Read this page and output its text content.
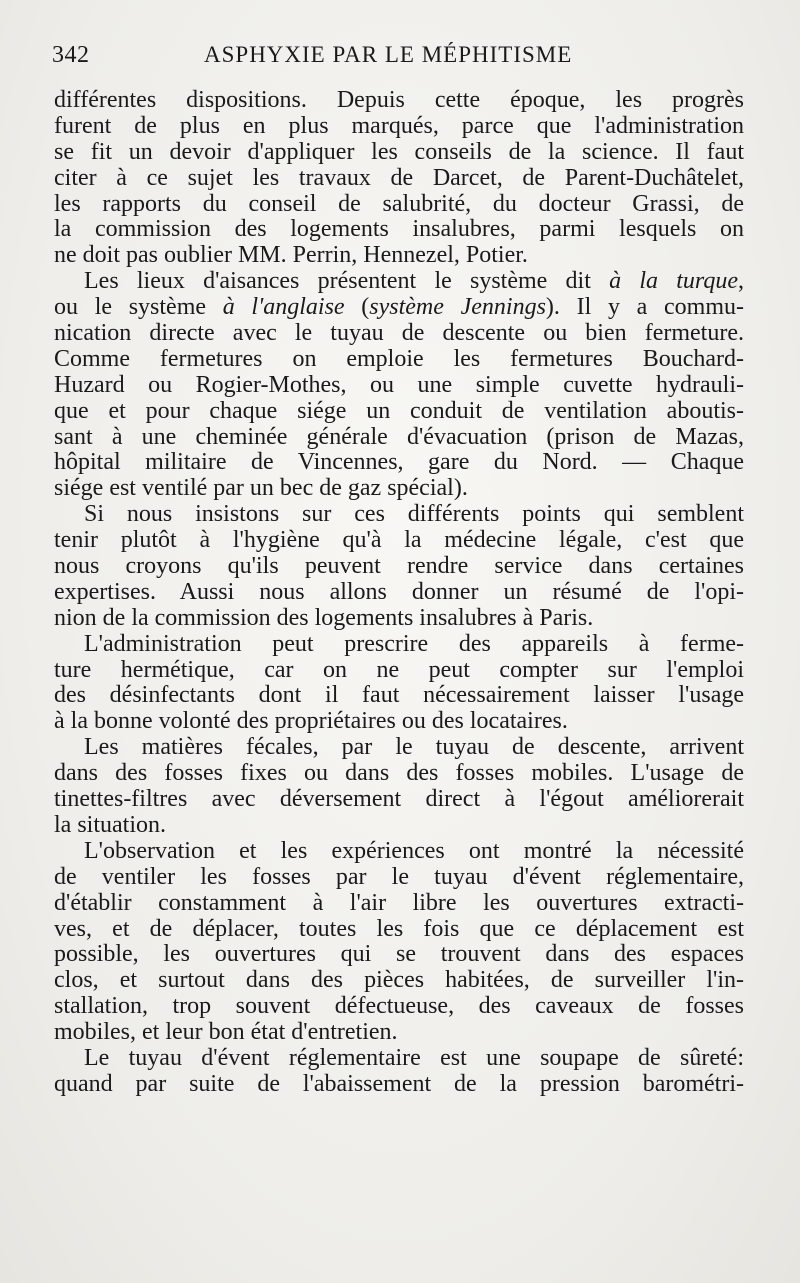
342	ASPHYXIE PAR LE MÉPHITISME
différentes dispositions. Depuis cette époque, les progrès
furent de plus en plus marqués, parce que l'administration
se fit un devoir d'appliquer les conseils de la science. Il faut
citer à ce sujet les travaux de Darcet, de Parent-Duchâtelet,
les rapports du conseil de salubrité, du docteur Grassi, de
la commission des logements insalubres, parmi lesquels on
ne doit pas oublier MM. Perrin, Hennezel, Potier.
Les lieux d'aisances présentent le système dit à la turque,
ou le système à l'anglaise (système Jennings). Il y a commu-
nication directe avec le tuyau de descente ou bien fermeture.
Comme fermetures on emploie les fermetures Bouchard-
Huzard ou Rogier-Mothes, ou une simple cuvette hydrauli-
que et pour chaque siége un conduit de ventilation aboutis-
sant à une cheminée générale d'évacuation (prison de Mazas,
hôpital militaire de Vincennes, gare du Nord. — Chaque
siége est ventilé par un bec de gaz spécial).
Si nous insistons sur ces différents points qui semblent
tenir plutôt à l'hygiène qu'à la médecine légale, c'est que
nous croyons qu'ils peuvent rendre service dans certaines
expertises. Aussi nous allons donner un résumé de l'opi-
nion de la commission des logements insalubres à Paris.
L'administration peut prescrire des appareils à ferme-
ture hermétique, car on ne peut compter sur l'emploi
des désinfectants dont il faut nécessairement laisser l'usage
à la bonne volonté des propriétaires ou des locataires.
Les matières fécales, par le tuyau de descente, arrivent
dans des fosses fixes ou dans des fosses mobiles. L'usage de
tinettes-filtres avec déversement direct à l'égout améliorerait
la situation.
L'observation et les expériences ont montré la nécessité
de ventiler les fosses par le tuyau d'évent réglementaire,
d'établir constamment à l'air libre les ouvertures extracti-
ves, et de déplacer, toutes les fois que ce déplacement est
possible, les ouvertures qui se trouvent dans des espaces
clos, et surtout dans des pièces habitées, de surveiller l'in-
stallation, trop souvent défectueuse, des caveaux de fosses
mobiles, et leur bon état d'entretien.
Le tuyau d'évent réglementaire est une soupape de sûreté:
quand par suite de l'abaissement de la pression barométri-
